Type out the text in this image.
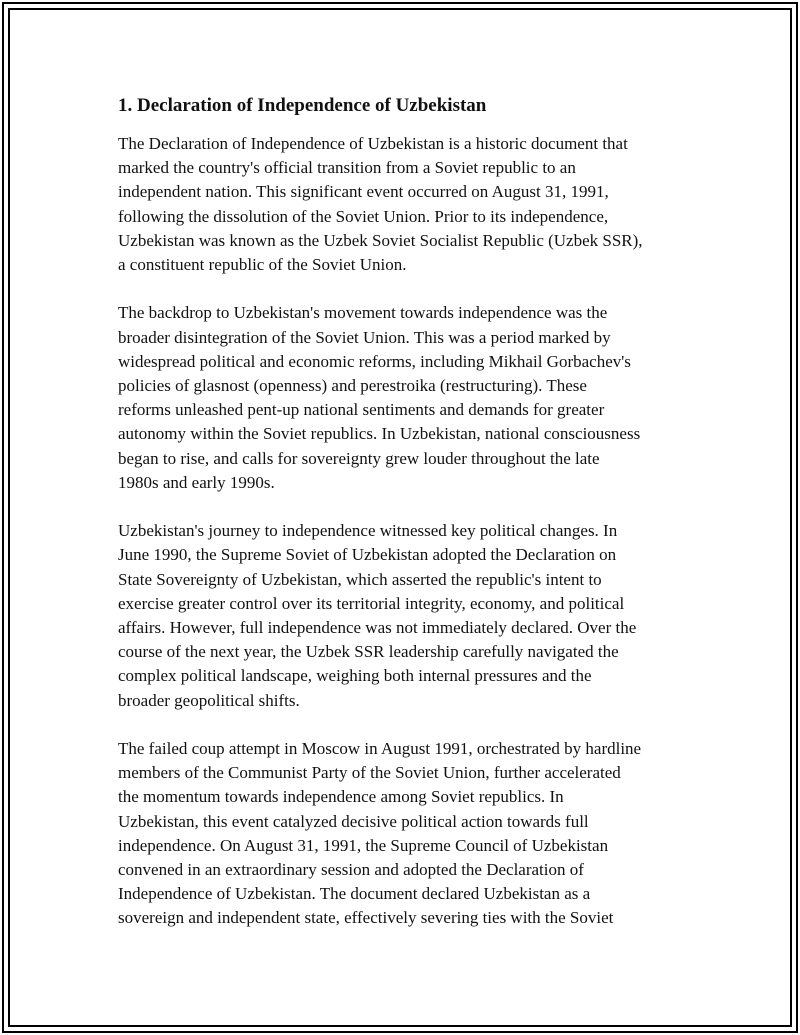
1. Declaration of Independence of Uzbekistan
The Declaration of Independence of Uzbekistan is a historic document that
marked the country's official transition from a Soviet republic to an
independent nation. This significant event occurred on August 31, 1991,
following the dissolution of the Soviet Union. Prior to its independence,
Uzbekistan was known as the Uzbek Soviet Socialist Republic (Uzbek SSR),
a constituent republic of the Soviet Union.
The backdrop to Uzbekistan's movement towards independence was the
broader disintegration of the Soviet Union. This was a period marked by
widespread political and economic reforms, including Mikhail Gorbachev's
policies of glasnost (openness) and perestroika (restructuring). These
reforms unleashed pent-up national sentiments and demands for greater
autonomy within the Soviet republics. In Uzbekistan, national consciousness
began to rise, and calls for sovereignty grew louder throughout the late
1980s and early 1990s.
Uzbekistan's journey to independence witnessed key political changes. In
June 1990, the Supreme Soviet of Uzbekistan adopted the Declaration on
State Sovereignty of Uzbekistan, which asserted the republic's intent to
exercise greater control over its territorial integrity, economy, and political
affairs. However, full independence was not immediately declared. Over the
course of the next year, the Uzbek SSR leadership carefully navigated the
complex political landscape, weighing both internal pressures and the
broader geopolitical shifts.
The failed coup attempt in Moscow in August 1991, orchestrated by hardline
members of the Communist Party of the Soviet Union, further accelerated
the momentum towards independence among Soviet republics. In
Uzbekistan, this event catalyzed decisive political action towards full
independence. On August 31, 1991, the Supreme Council of Uzbekistan
convened in an extraordinary session and adopted the Declaration of
Independence of Uzbekistan. The document declared Uzbekistan as a
sovereign and independent state, effectively severing ties with the Soviet
